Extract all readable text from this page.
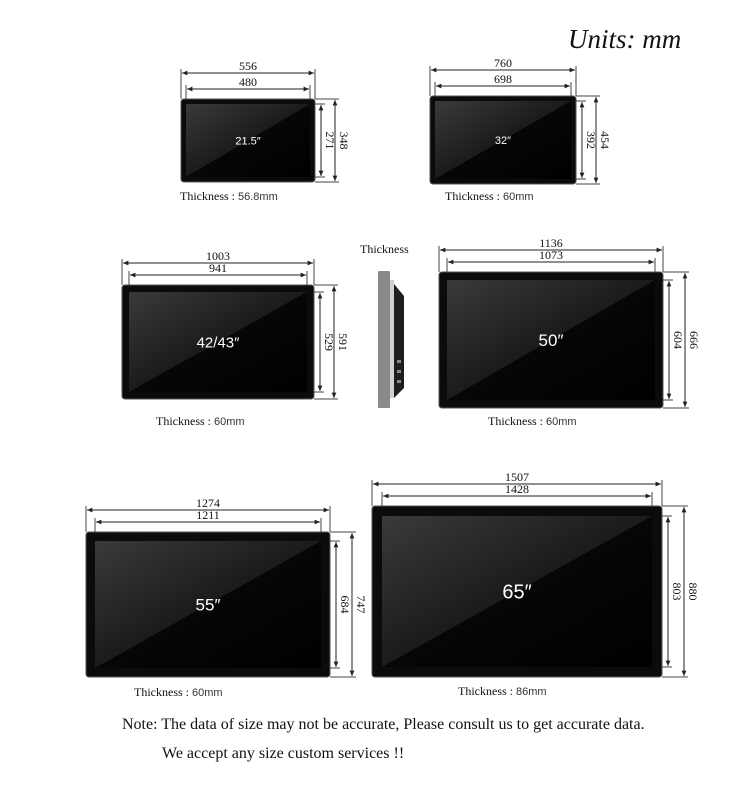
Units: mm
21.5″
556
480
271 348	32″
760
698
392 454
42/43″
1003
941
529 591	50″
1136
1073
604 666
55″
1274
1211
684 747
65″
1507
1428
803 880
Thickness
Note: The data of size may not be accurate, Please consult us to get accurate data.
We accept any size custom services !!
Thickness : 56.8mm	Thickness : 60mm
Thickness : 60mm	Thickness : 60mm
Thickness : 60mm	Thickness : 86mm
